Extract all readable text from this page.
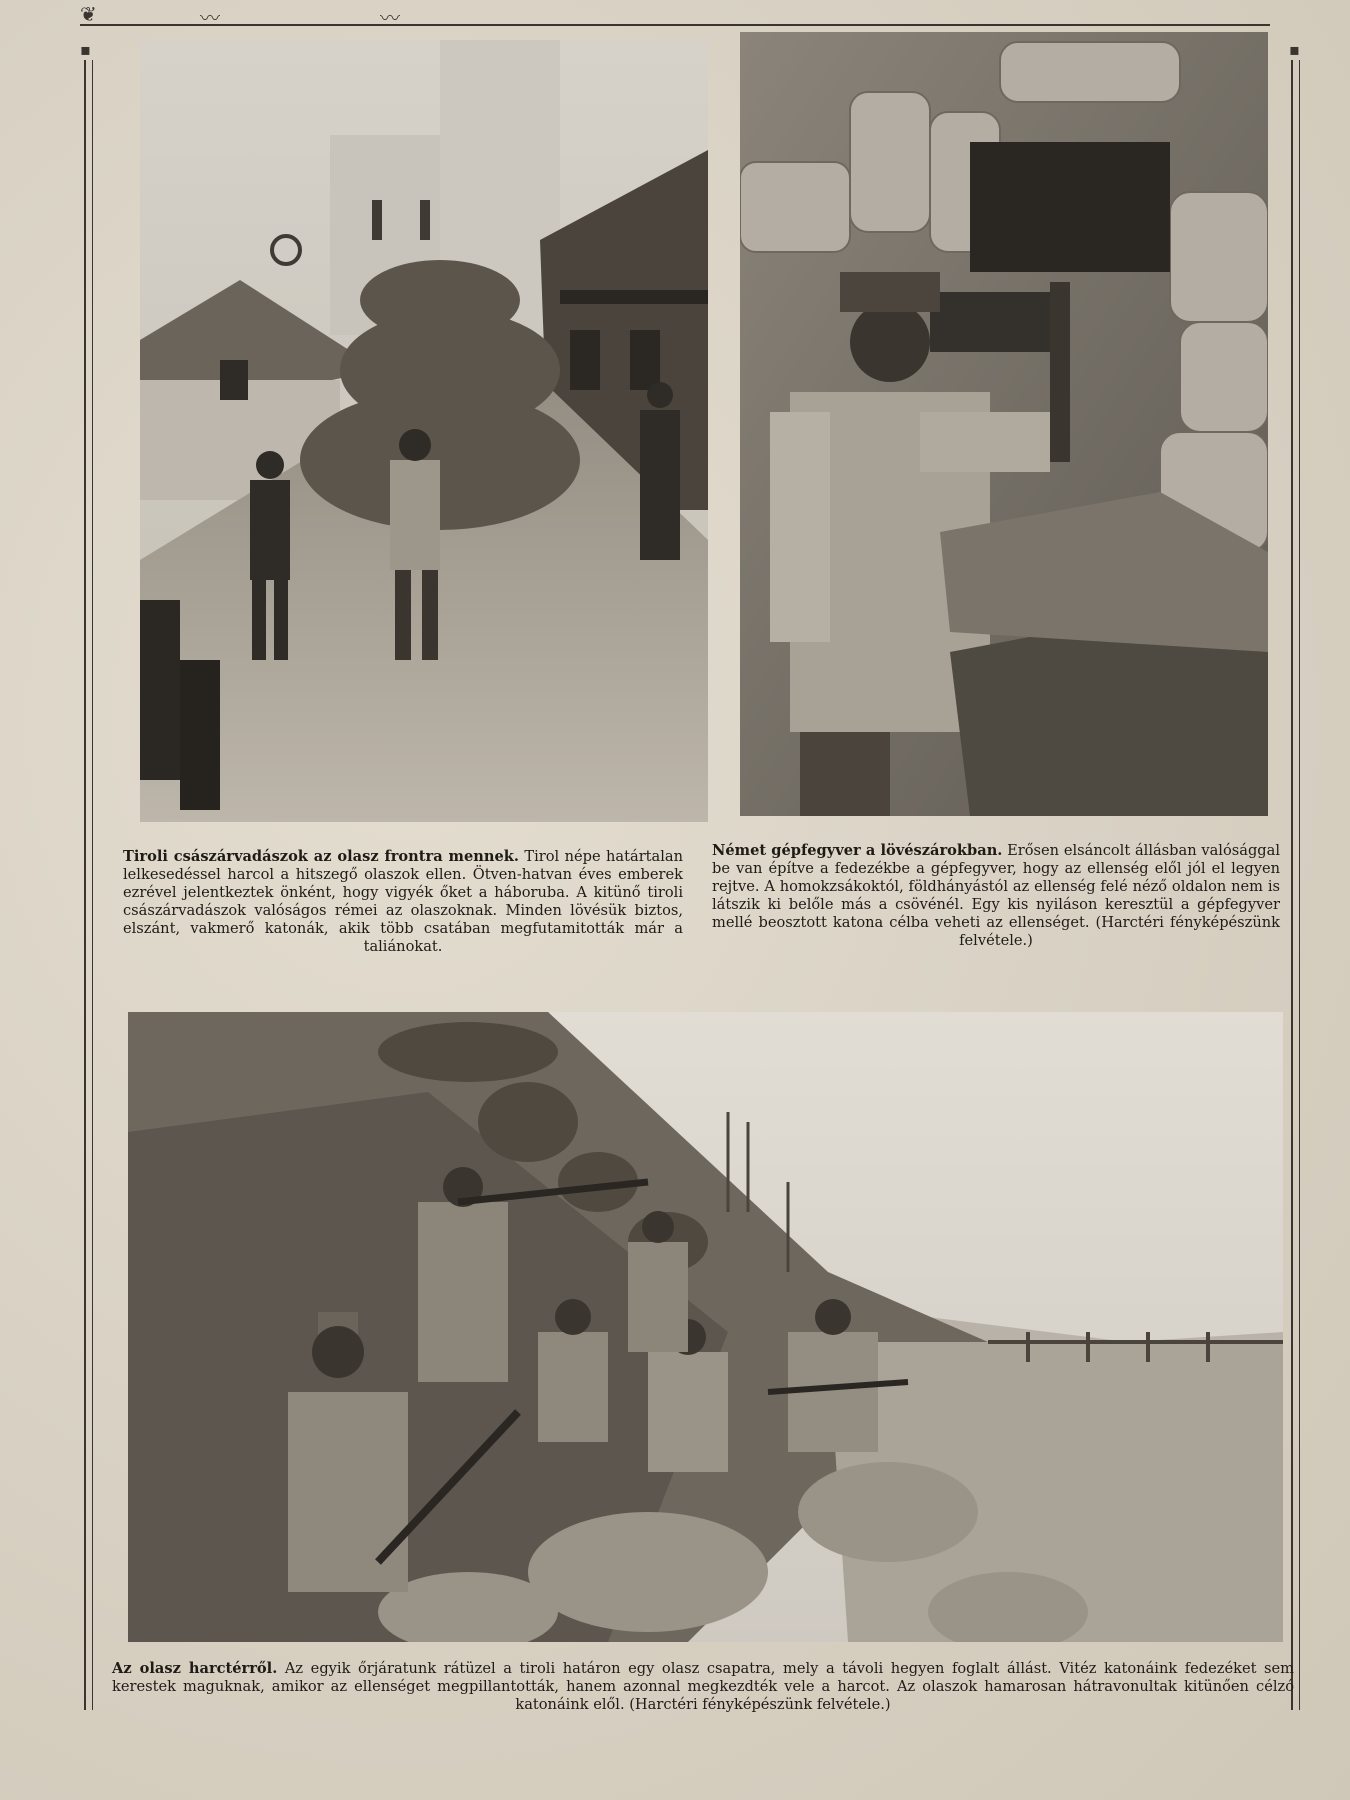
❦	〰	〰
▪	▪
Tiroli császárvadászok az olasz frontra mennek. Tirol népe határtalan lelkesedéssel harcol a hitszegő olaszok ellen. Ötven-hatvan éves emberek ezrével jelentkeztek önként, hogy vigyék őket a háboruba. A kitünő tiroli császárvadászok valóságos rémei az olaszoknak. Minden lövésük biztos, elszánt, vakmerő katonák, akik több csatában megfutamitották már a taliánokat.
Német gépfegyver a lövészárokban. Erősen elsáncolt állásban valósággal be van építve a fedezékbe a gépfegyver, hogy az ellenség elől jól el legyen rejtve. A homokzsákoktól, földhányástól az ellenség felé néző oldalon nem is látszik ki belőle más a csövénél. Egy kis nyiláson keresztül a gépfegyver mellé beosztott katona célba veheti az ellenséget. (Harctéri fényképészünk felvétele.)
Az olasz harctérről. Az egyik őrjáratunk rátüzel a tiroli határon egy olasz csapatra, mely a távoli hegyen foglalt állást. Vitéz katonáink fedezéket sem kerestek maguknak, amikor az ellenséget megpillantották, hanem azonnal megkezdték vele a harcot. Az olaszok hamarosan hátravonultak kitünően célzó katonáink elől. (Harctéri fényképészünk felvétele.)
